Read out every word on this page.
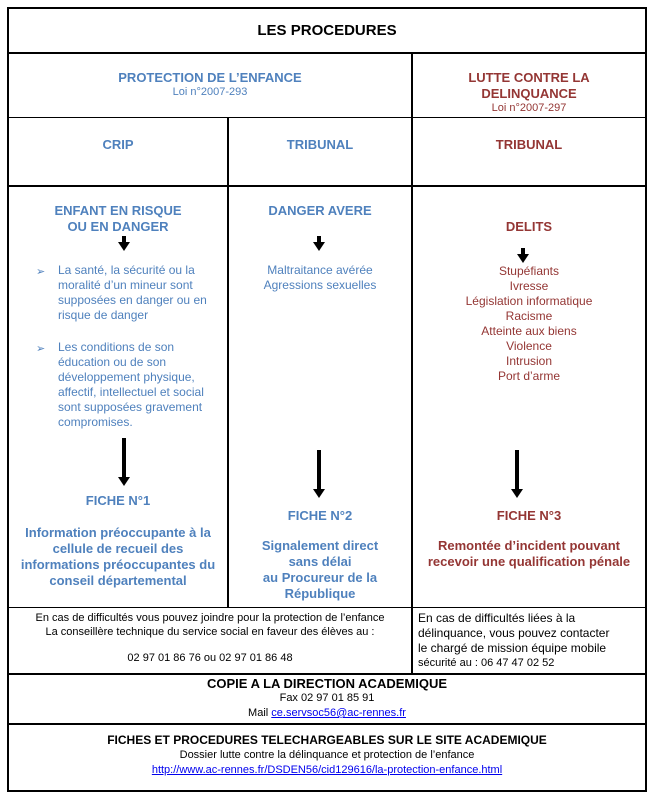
LES PROCEDURES
PROTECTION DE L’ENFANCE
Loi n°2007-293
LUTTE CONTRE LA
DELINQUANCE
Loi n°2007-297
CRIP	TRIBUNAL	TRIBUNAL
ENFANT EN RISQUE
OU EN DANGER
➢ La santé, la sécurité ou la
moralité d’un mineur sont
supposées en danger ou en
risque de danger
➢ Les conditions de son
éducation ou de son
développement physique,
affectif, intellectuel et social
sont supposées gravement
compromises.
FICHE N°1
Information préoccupante à la
cellule de recueil des
informations préoccupantes du
conseil départemental
DANGER AVERE
Maltraitance avérée
Agressions sexuelles
FICHE N°2
Signalement direct
sans délai
au Procureur de la
République
DELITS
Stupéfiants
Ivresse
Législation informatique
Racisme
Atteinte aux biens
Violence
Intrusion
Port d’arme
FICHE N°3
Remontée d’incident pouvant
recevoir une qualification pénale
En cas de difficultés vous pouvez joindre pour la protection de l’enfance
La conseillère technique du service social en faveur des élèves au :
02 97 01 86 76 ou 02 97 01 86 48
En cas de difficultés liées à la
délinquance, vous pouvez contacter
le chargé de mission équipe mobile
sécurité au : 06 47 47 02 52
COPIE A LA DIRECTION ACADEMIQUE
Fax 02 97 01 85 91
Mail ce.servsoc56@ac-rennes.fr
FICHES ET PROCEDURES TELECHARGEABLES SUR LE SITE ACADEMIQUE
Dossier lutte contre la délinquance et protection de l’enfance
http://www.ac-rennes.fr/DSDEN56/cid129616/la-protection-enfance.html
